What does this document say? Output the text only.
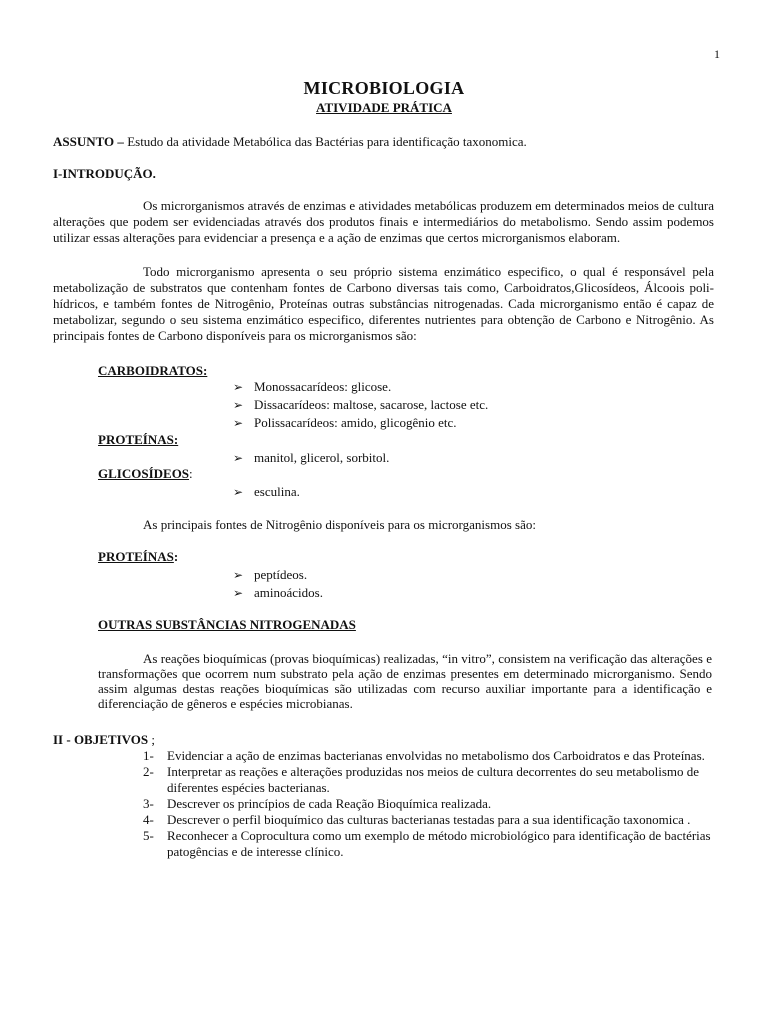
1
MICROBIOLOGIA
ATIVIDADE PRÁTICA
ASSUNTO – Estudo da atividade Metabólica das Bactérias para identificação taxonomica.
I-INTRODUÇÃO.
Os microrganismos através de enzimas e atividades metabólicas produzem em determinados meios de cultura alterações que podem ser evidenciadas através dos produtos finais e intermediários do metabolismo. Sendo assim podemos utilizar essas alterações para evidenciar a presença e a ação de enzimas que certos microrganismos elaboram.
Todo microrganismo apresenta o seu próprio sistema enzimático especifico, o qual é responsável pela metabolização de substratos que contenham fontes de Carbono diversas tais como, Carboidratos,Glicosídeos, Álcoois poli-hídricos, e também fontes de Nitrogênio, Proteínas outras substâncias nitrogenadas. Cada microrganismo então é capaz de metabolizar, segundo o seu sistema enzimático especifico, diferentes nutrientes para obtenção de Carbono e Nitrogênio. As principais fontes de Carbono disponíveis para os microrganismos são:
CARBOIDRATOS:
➢ Monossacarídeos: glicose.
➢ Dissacarídeos: maltose, sacarose, lactose etc.
➢ Polissacarídeos: amido, glicogênio etc.
PROTEÍNAS:
➢ manitol, glicerol, sorbitol.
GLICOSÍDEOS:
➢ esculina.
As principais fontes de Nitrogênio disponíveis para os microrganismos são:
PROTEÍNAS:
➢ peptídeos.
➢ aminoácidos.
OUTRAS SUBSTÂNCIAS NITROGENADAS
As reações bioquímicas (provas bioquímicas) realizadas, “in vitro”, consistem na verificação das alterações e transformações que ocorrem num substrato pela ação de enzimas presentes em determinado microrganismo. Sendo assim algumas destas reações bioquímicas são utilizadas com recurso auxiliar importante para a identificação e diferenciação de gêneros e espécies microbianas.
II - OBJETIVOS ;
1- Evidenciar a ação de enzimas bacterianas envolvidas no metabolismo dos Carboidratos e das Proteínas.
2- Interpretar as reações e alterações produzidas nos meios de cultura decorrentes do seu metabolismo de diferentes espécies bacterianas.
3- Descrever os princípios de cada Reação Bioquímica realizada.
4- Descrever o perfil bioquímico das culturas bacterianas testadas para a sua identificação taxonomica .
5- Reconhecer a Coprocultura como um exemplo de método microbiológico para identificação de bactérias patogências e de interesse clínico.
